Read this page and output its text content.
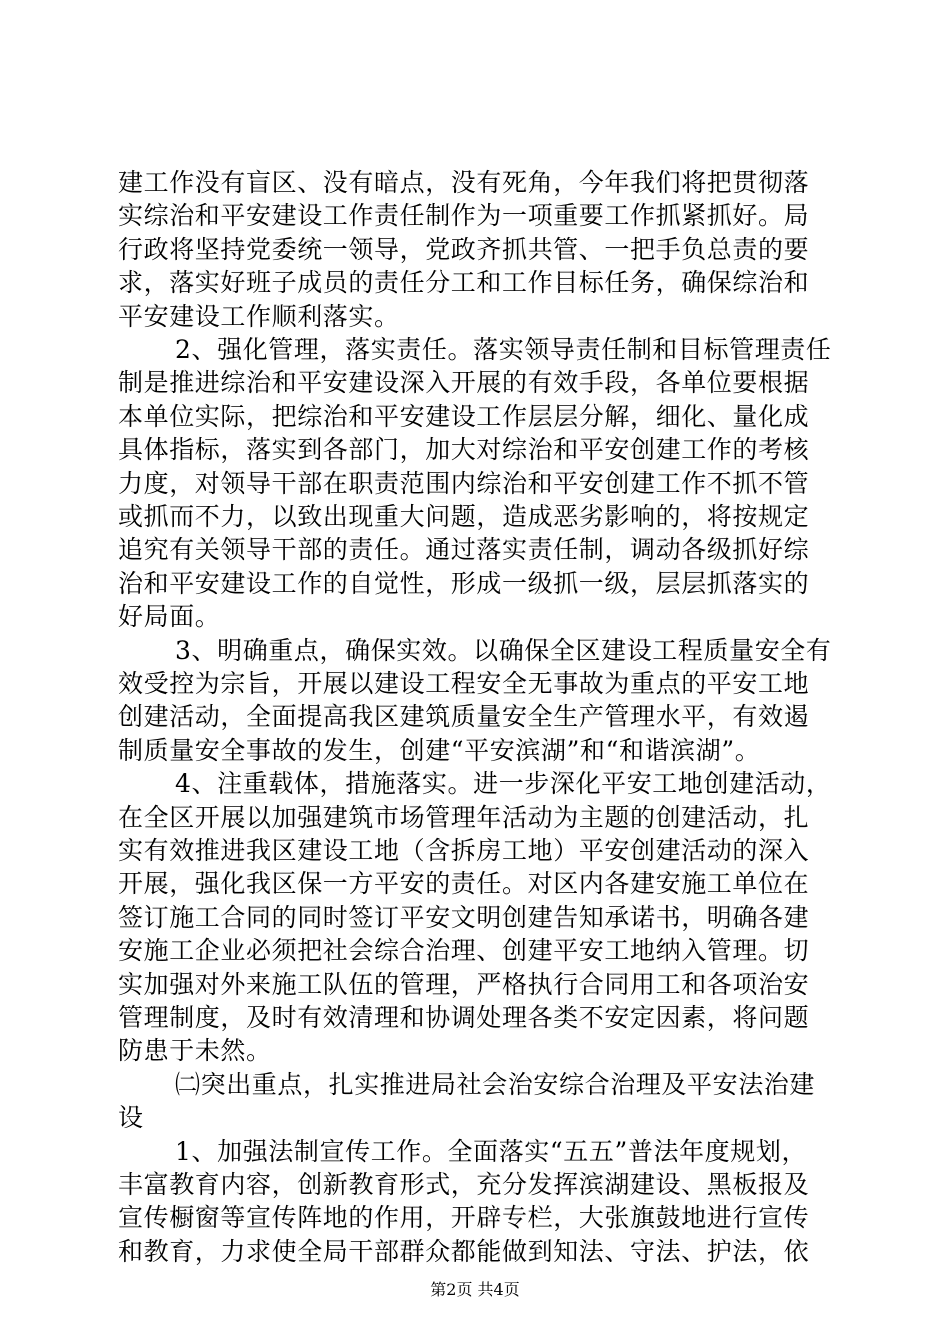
建工作没有盲区、没有暗点，没有死角，今年我们将把贯彻落
实综治和平安建设工作责任制作为一项重要工作抓紧抓好。局
行政将坚持党委统一领导，党政齐抓共管、一把手负总责的要
求，落实好班子成员的责任分工和工作目标任务，确保综治和
平安建设工作顺利落实。
2、强化管理，落实责任。落实领导责任制和目标管理责任
制是推进综治和平安建设深入开展的有效手段，各单位要根据
本单位实际，把综治和平安建设工作层层分解，细化、量化成
具体指标，落实到各部门，加大对综治和平安创建工作的考核
力度，对领导干部在职责范围内综治和平安创建工作不抓不管
或抓而不力，以致出现重大问题，造成恶劣影响的，将按规定
追究有关领导干部的责任。通过落实责任制，调动各级抓好综
治和平安建设工作的自觉性，形成一级抓一级，层层抓落实的
好局面。
3、明确重点，确保实效。以确保全区建设工程质量安全有
效受控为宗旨，开展以建设工程安全无事故为重点的平安工地
创建活动，全面提高我区建筑质量安全生产管理水平，有效遏
制质量安全事故的发生，创建“平安滨湖”和“和谐滨湖”。
4、注重载体，措施落实。进一步深化平安工地创建活动，
在全区开展以加强建筑市场管理年活动为主题的创建活动，扎
实有效推进我区建设工地（含拆房工地）平安创建活动的深入
开展，强化我区保一方平安的责任。对区内各建安施工单位在
签订施工合同的同时签订平安文明创建告知承诺书，明确各建
安施工企业必须把社会综合治理、创建平安工地纳入管理。切
实加强对外来施工队伍的管理，严格执行合同用工和各项治安
管理制度，及时有效清理和协调处理各类不安定因素，将问题
防患于未然。
㈡突出重点，扎实推进局社会治安综合治理及平安法治建
设
1、加强法制宣传工作。全面落实“五五”普法年度规划，
丰富教育内容，创新教育形式，充分发挥滨湖建设、黑板报及
宣传橱窗等宣传阵地的作用，开辟专栏，大张旗鼓地进行宣传
和教育，力求使全局干部群众都能做到知法、守法、护法，依
第2页 共4页
